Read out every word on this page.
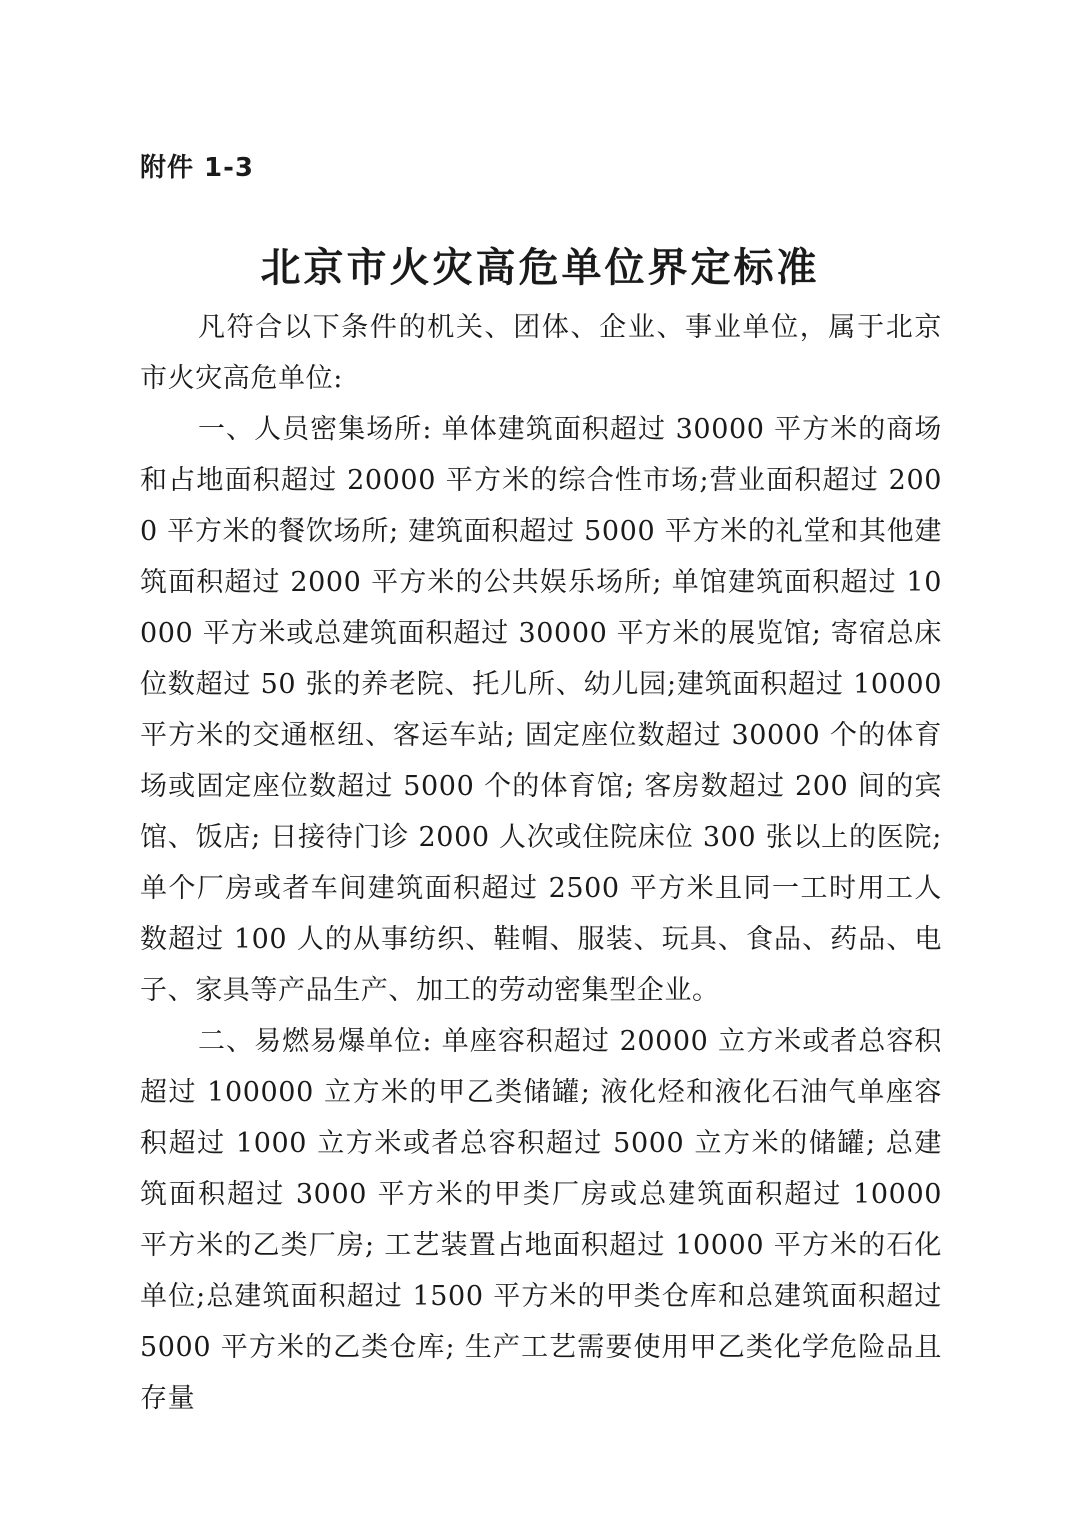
附件 1-3
北京市火灾高危单位界定标准

凡符合以下条件的机关、团体、企业、事业单位，属于北京市火灾高危单位:

一、人员密集场所: 单体建筑面积超过 30000 平方米的商场和占地面积超过 20000 平方米的综合性市场;营业面积超过 2000 平方米的餐饮场所; 建筑面积超过 5000 平方米的礼堂和其他建筑面积超过 2000 平方米的公共娱乐场所; 单馆建筑面积超过 10000 平方米或总建筑面积超过 30000 平方米的展览馆; 寄宿总床位数超过 50 张的养老院、托儿所、幼儿园;建筑面积超过 10000 平方米的交通枢纽、客运车站; 固定座位数超过 30000 个的体育场或固定座位数超过 5000 个的体育馆; 客房数超过 200 间的宾馆、饭店; 日接待门诊 2000 人次或住院床位 300 张以上的医院;单个厂房或者车间建筑面积超过 2500 平方米且同一工时用工人数超过 100 人的从事纺织、鞋帽、服装、玩具、食品、药品、电子、家具等产品生产、加工的劳动密集型企业。

二、易燃易爆单位: 单座容积超过 20000 立方米或者总容积超过 100000 立方米的甲乙类储罐; 液化烃和液化石油气单座容积超过 1000 立方米或者总容积超过 5000 立方米的储罐; 总建筑面积超过 3000 平方米的甲类厂房或总建筑面积超过 10000 平方米的乙类厂房; 工艺装置占地面积超过 10000 平方米的石化单位;总建筑面积超过 1500 平方米的甲类仓库和总建筑面积超过 5000 平方米的乙类仓库; 生产工艺需要使用甲乙类化学危险品且存量
